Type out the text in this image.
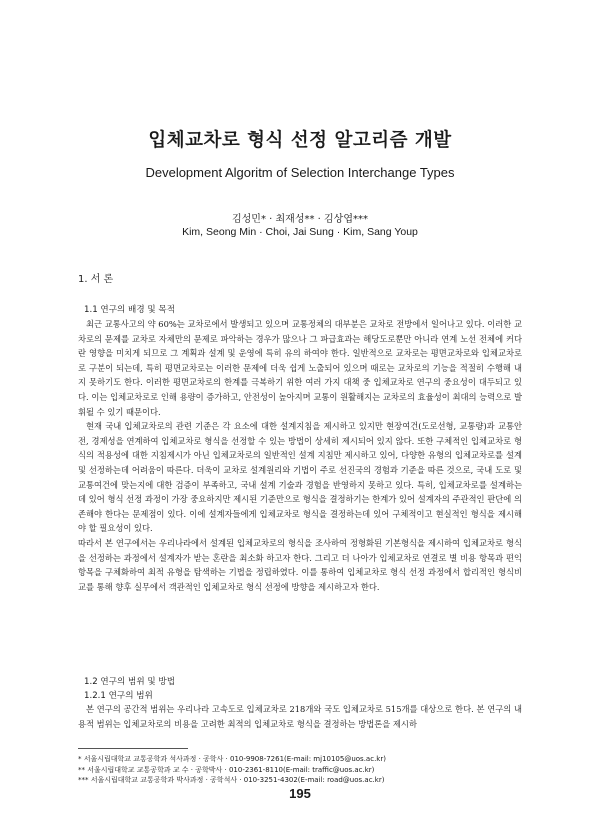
입체교차로 형식 선정 알고리즘 개발
Development Algoritm of Selection Interchange Types
김성민* · 최재성** · 김상엽***
Kim, Seong Min · Choi, Jai Sung · Kim, Sang Youp
1. 서 론
1.1 연구의 배경 및 목적

최근 교통사고의 약 60%는 교차로에서 발생되고 있으며 교통정체의 대부분은 교차로 전방에서 일어나고 있다. 이러한 교차로의 문제를 교차로 자체만의 문제로 파악하는 경우가 많으나 그 파급효과는 해당도로뿐만 아니라 연계 노선 전체에 커다란 영향을 미치게 되므로 그 계획과 설계 및 운영에 특히 유의 하여야 한다. 일반적으로 교차로는 평면교차로와 입체교차로로 구분이 되는데, 특히 평면교차로는 이러한 문제에 더욱 쉽게 노출되어 있으며 때로는 교차로의 기능을 적절히 수행해 내지 못하기도 한다. 이러한 평면교차로의 한계를 극복하기 위한 여러 가지 대책 중 입체교차로 연구의 중요성이 대두되고 있다. 이는 입체교차로로 인해 용량이 증가하고, 안전성이 높아지며 교통이 원활해지는 교차로의 효율성이 최대의 능력으로 발휘될 수 있기 때문이다.

현재 국내 입체교차로의 관련 기준은 각 요소에 대한 설계지침을 제시하고 있지만 현장여건(도로선형, 교통량)과 교통안전, 경제성을 연계하여 입체교차로 형식을 선정할 수 있는 방법이 상세히 제시되어 있지 않다. 또한 구체적인 입체교차로 형식의 적용성에 대한 지침제시가 아닌 입체교차로의 일반적인 설계 지침만 제시하고 있어, 다양한 유형의 입체교차로를 설계 및 선정하는데 어려움이 따른다. 더욱이 교차로 설계원리와 기법이 주로 선진국의 경험과 기준을 따른 것으로, 국내 도로 및 교통여건에 맞는지에 대한 검증이 부족하고, 국내 설계 기술과 경험을 반영하지 못하고 있다. 특히, 입체교차로를 설계하는데 있어 형식 선정 과정이 가장 중요하지만 제시된 기준만으로 형식을 결정하기는 한계가 있어 설계자의 주관적인 판단에 의존해야 한다는 문제점이 있다. 이에 설계자들에게 입체교차로 형식을 결정하는데 있어 구체적이고 현실적인 형식을 제시해야 할 필요성이 있다.

따라서 본 연구에서는 우리나라에서 설계된 입체교차로의 형식을 조사하여 정형화된 기본형식을 제시하여 입체교차로 형식을 선정하는 과정에서 설계자가 받는 혼란을 최소화 하고자 한다. 그리고 더 나아가 입체교차로 연결로 별 비용 항목과 편익 항목을 구체화하여 최적 유형을 탐색하는 기법을 정립하였다. 이를 통하여 입체교차로 형식 선정 과정에서 합리적인 형식비교를 통해 향후 실무에서 객관적인 입체교차로 형식 선정에 방향을 제시하고자 한다.

1.2 연구의 범위 및 방법
1.2.1 연구의 범위

본 연구의 공간적 범위는 우리나라 고속도로 입체교차로 218개와 국도 입체교차로 515개를 대상으로 한다. 본 연구의 내용적 범위는 입체교차로의 비용을 고려한 최적의 입체교차로 형식을 결정하는 방법론을 제시하

* 서울시립대학교 교통공학과 석사과정 · 공학사 · 010-9908-7261(E-mail: mj10105@uos.ac.kr)
** 서울시립대학교 교통공학과 교 수 · 공학박사 · 010-2361-8110(E-mail: traffic@uos.ac.kr)
*** 서울시립대학교 교통공학과 박사과정 · 공학석사 · 010-3251-4302(E-mail: road@uos.ac.kr)
195
